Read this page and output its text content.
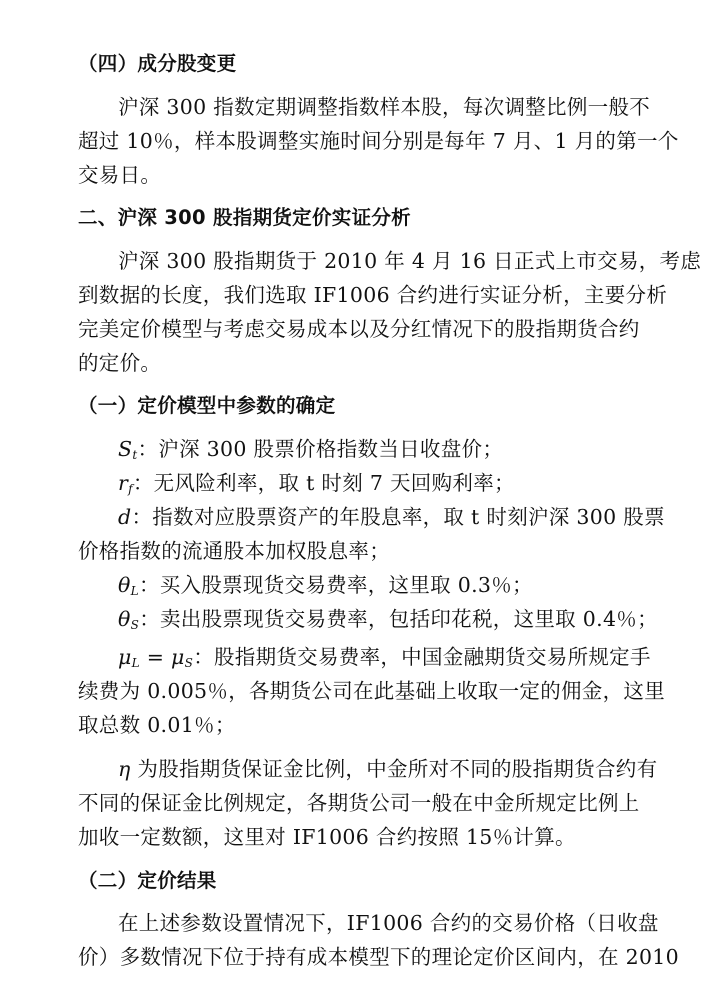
（四）成分股变更
沪深 300 指数定期调整指数样本股，每次调整比例一般不
超过 10％，样本股调整实施时间分别是每年 7 月、1 月的第一个
交易日。
二、沪深 300 股指期货定价实证分析
沪深 300 股指期货于 2010 年 4 月 16 日正式上市交易，考虑
到数据的长度，我们选取 IF1006 合约进行实证分析，主要分析
完美定价模型与考虑交易成本以及分红情况下的股指期货合约
的定价。
（一）定价模型中参数的确定
$S_t$：沪深 300 股票价格指数当日收盘价；
$r_f$：无风险利率，取 t 时刻 7 天回购利率；
d：指数对应股票资产的年股息率，取 t 时刻沪深 300 股票
价格指数的流通股本加权股息率；
$\theta_L$：买入股票现货交易费率，这里取 0.3％；
$\theta_S$：卖出股票现货交易费率，包括印花税，这里取 0.4％；
$\mu_L = \mu_S$：股指期货交易费率，中国金融期货交易所规定手
续费为 0.005％，各期货公司在此基础上收取一定的佣金，这里
取总数 0.01％；
η 为股指期货保证金比例，中金所对不同的股指期货合约有
不同的保证金比例规定，各期货公司一般在中金所规定比例上
加收一定数额，这里对 IF1006 合约按照 15％计算。
（二）定价结果
在上述参数设置情况下，IF1006 合约的交易价格（日收盘
价）多数情况下位于持有成本模型下的理论定价区间内，在 2010
